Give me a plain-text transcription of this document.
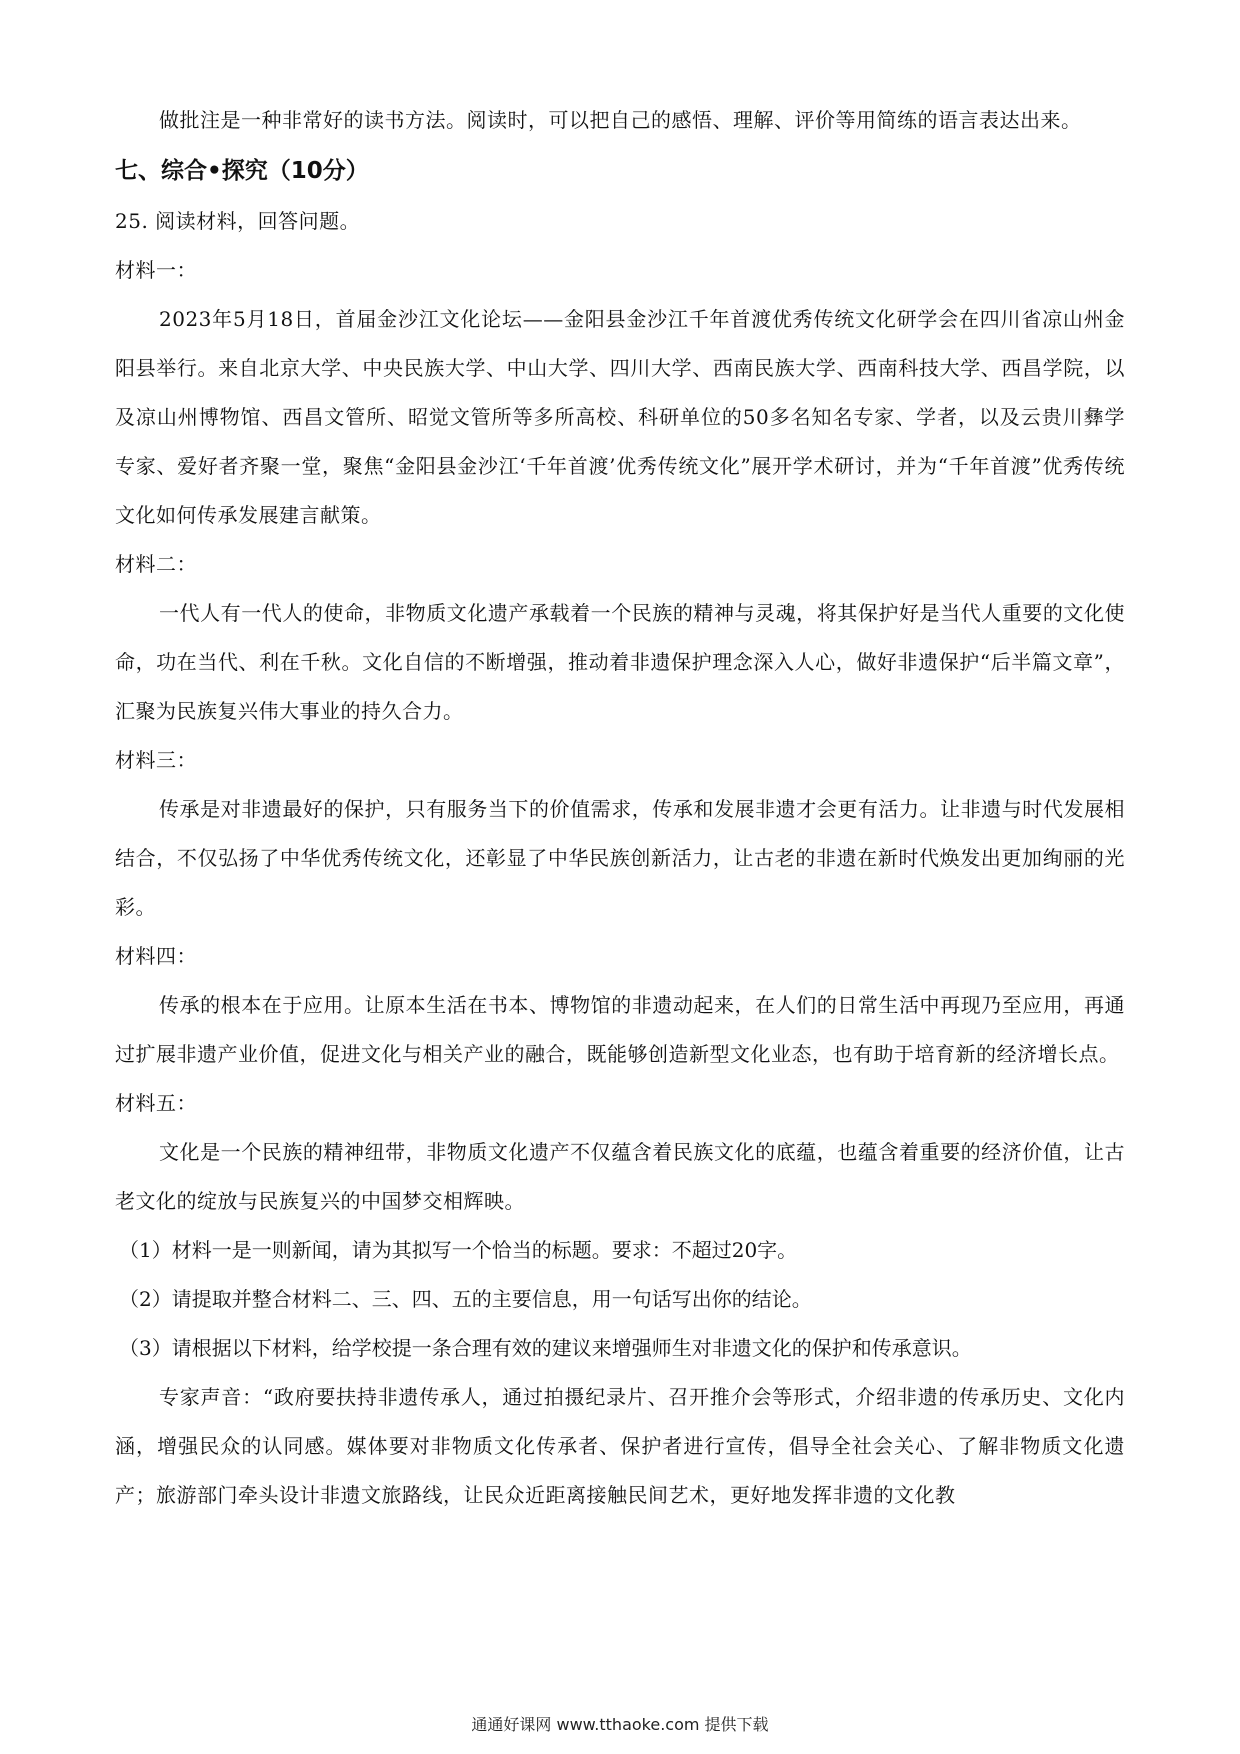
做批注是一种非常好的读书方法。阅读时，可以把自己的感悟、理解、评价等用简练的语言表达出来。

七、综合•探究（10分）

25. 阅读材料，回答问题。

材料一：

2023年5月18日，首届金沙江文化论坛——金阳县金沙江千年首渡优秀传统文化研学会在四川省凉山州金阳县举行。来自北京大学、中央民族大学、中山大学、四川大学、西南民族大学、西南科技大学、西昌学院，以及凉山州博物馆、西昌文管所、昭觉文管所等多所高校、科研单位的50多名知名专家、学者，以及云贵川彝学专家、爱好者齐聚一堂，聚焦“金阳县金沙江‘千年首渡’优秀传统文化”展开学术研讨，并为“千年首渡”优秀传统文化如何传承发展建言献策。

材料二：

一代人有一代人的使命，非物质文化遗产承载着一个民族的精神与灵魂，将其保护好是当代人重要的文化使命，功在当代、利在千秋。文化自信的不断增强，推动着非遗保护理念深入人心，做好非遗保护“后半篇文章”，汇聚为民族复兴伟大事业的持久合力。

材料三：

传承是对非遗最好的保护，只有服务当下的价值需求，传承和发展非遗才会更有活力。让非遗与时代发展相结合，不仅弘扬了中华优秀传统文化，还彰显了中华民族创新活力，让古老的非遗在新时代焕发出更加绚丽的光彩。

材料四：

传承的根本在于应用。让原本生活在书本、博物馆的非遗动起来，在人们的日常生活中再现乃至应用，再通过扩展非遗产业价值，促进文化与相关产业的融合，既能够创造新型文化业态，也有助于培育新的经济增长点。

材料五：

文化是一个民族的精神纽带，非物质文化遗产不仅蕴含着民族文化的底蕴，也蕴含着重要的经济价值，让古老文化的绽放与民族复兴的中国梦交相辉映。

（1）材料一是一则新闻，请为其拟写一个恰当的标题。要求：不超过20字。

（2）请提取并整合材料二、三、四、五的主要信息，用一句话写出你的结论。

（3）请根据以下材料，给学校提一条合理有效的建议来增强师生对非遗文化的保护和传承意识。

专家声音：“政府要扶持非遗传承人，通过拍摄纪录片、召开推介会等形式，介绍非遗的传承历史、文化内涵，增强民众的认同感。媒体要对非物质文化传承者、保护者进行宣传，倡导全社会关心、了解非物质文化遗产；旅游部门牵头设计非遗文旅路线，让民众近距离接触民间艺术，更好地发挥非遗的文化教

通通好课网 www.tthaoke.com 提供下载
